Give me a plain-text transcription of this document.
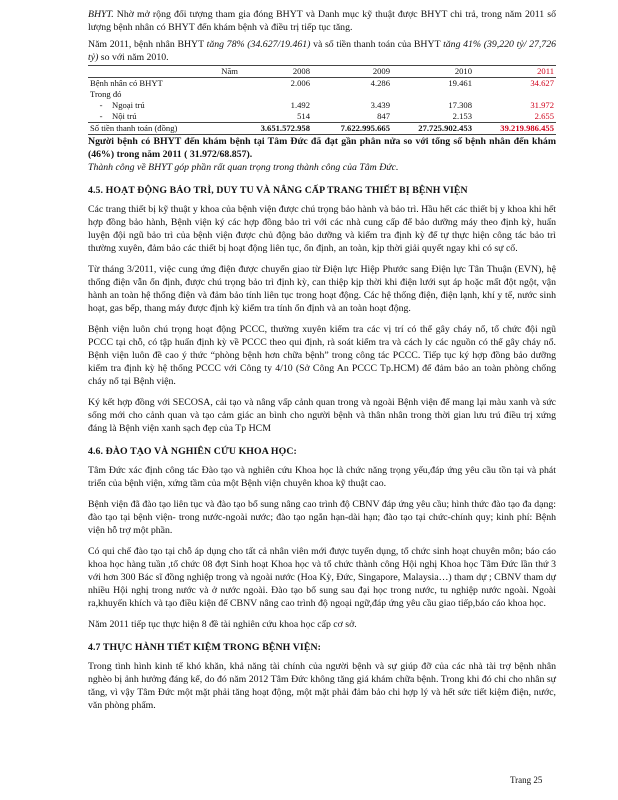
BHYT. Nhờ mở rộng đối tượng tham gia đóng BHYT và Danh mục kỹ thuật được BHYT chi trả, trong năm 2011 số lượng bệnh nhân có BHYT đến khám bệnh và điều trị tiếp tục tăng.

Năm 2011, bệnh nhân BHYT tăng 78% (34.627/19.461) và số tiền thanh toán của BHYT tăng 41% (39,220 tỷ/ 27,726 tỷ) so với năm 2010.

Năm	2008	2009	2010	2011
Bệnh nhân có BHYT	2.006	4.286	19.461	34.627
Trong đó				
- Ngoại trú	1.492	3.439	17.308	31.972
- Nội trú	514	847	2.153	2.655
Số tiền thanh toán (đồng)	3.651.572.958	7.622.995.665	27.725.902.453	39.219.986.455

Người bệnh có BHYT đến khám bệnh tại Tâm Đức đã đạt gần phân nửa so với tổng số bệnh nhân đến khám (46%) trong năm 2011 ( 31.972/68.857).

Thành công về BHYT góp phần rất quan trọng trong thành công của Tâm Đức.

4.5. HOẠT ĐỘNG BẢO TRÌ, DUY TU VÀ NÂNG CẤP TRANG THIẾT BỊ BỆNH VIỆN

Các trang thiết bị kỹ thuật y khoa của bệnh viện được chú trọng bảo hành và bảo trì. Hầu hết các thiết bị y khoa khi hết hợp đồng bảo hành, Bệnh viện ký các hợp đồng bảo trì với các nhà cung cấp để bảo dưỡng máy theo định kỳ, huấn luyện đội ngũ bảo trì của bệnh viện được chủ động bảo dưỡng và kiểm tra định kỳ để tự thực hiện công tác bảo trì thường xuyên, đảm bảo các thiết bị hoạt động liên tục, ổn định, an toàn, kịp thời giải quyết ngay khi có sự cố.

Từ tháng 3/2011, việc cung ứng điện được chuyển giao từ Điện lực Hiệp Phước sang Điện lực Tân Thuận (EVN), hệ thống điện vẫn ổn định, được chú trọng bảo trì định kỳ, can thiệp kịp thời khi điện lưới sụt áp hoặc mất đột ngột, vận hành an toàn hệ thống điện và đảm bảo tính liên tục trong hoạt động. Các hệ thống điện, điện lạnh, khí y tế, nước sinh hoạt, gas bếp, thang máy được định kỳ kiểm tra tính ổn định và an toàn hoạt động.

Bệnh viện luôn chú trọng hoạt động PCCC, thường xuyên kiểm tra các vị trí có thể gây cháy nổ, tổ chức đội ngũ PCCC tại chỗ, có tập huấn định kỳ về PCCC theo qui định, rà soát kiểm tra và cách ly các nguồn có thể gây cháy nổ. Bệnh viện luôn đề cao ý thức “phòng bệnh hơn chữa bệnh” trong công tác PCCC. Tiếp tục ký hợp đồng bảo dưỡng kiểm tra định kỳ hệ thống PCCC với Công ty 4/10 (Sở Công An PCCC Tp.HCM) để đảm bảo an toàn phòng chống cháy nổ tại Bệnh viện.

Ký kết hợp đồng với SECOSA, cải tạo và nâng vấp cảnh quan trong và ngoài Bệnh viện để mang lại màu xanh và sức sống mới cho cảnh quan và tạo cảm giác an bình cho người bệnh và thân nhân trong thời gian lưu trú điều trị xứng đáng là Bệnh viện xanh sạch đẹp của Tp HCM

4.6. ĐÀO TẠO VÀ NGHIÊN CỨU KHOA HỌC:

Tâm Đức xác định công tác Đào tạo và nghiên cứu Khoa học là chức năng trọng yếu,đáp ứng yêu cầu tồn tại và phát triển của bệnh viện, xứng tầm của một Bệnh viện chuyên khoa kỹ thuật cao.

Bệnh viện đã đào tạo liên tục và đào tạo bổ sung nâng cao trình độ CBNV đáp ứng yêu cầu; hình thức đào tạo đa dạng: đào tạo tại bệnh viện- trong nước-ngoài nước; đào tạo ngắn hạn-dài hạn; đào tạo tại chức-chính quy; kinh phí: Bệnh viện hỗ trợ một phần.

Có qui chế đào tạo tại chỗ áp dụng cho tất cả nhân viên mới được tuyển dụng, tổ chức sinh hoạt chuyên môn; báo cáo khoa học hàng tuần ,tổ chức 08 đợt Sinh hoạt Khoa học và tổ chức thành công Hội nghị Khoa học Tâm Đức lần thứ 3 với hơn 300 Bác sĩ đồng nghiệp trong và ngoài nước (Hoa Kỳ, Đức, Singapore, Malaysia…) tham dự ; CBNV tham dự nhiều Hội nghị trong nước và ở nước ngoài. Đào tạo bổ sung sau đại học trong nước, tu nghiệp nước ngoài. Ngoài ra,khuyến khích và tạo điều kiện để CBNV nâng cao trình độ ngoại ngữ,đáp ứng yêu cầu giao tiếp,báo cáo khoa học.

Năm 2011 tiếp tục thực hiện 8 đề tài nghiên cứu khoa học cấp cơ sở.

4.7 THỰC HÀNH TIẾT KIỆM TRONG BỆNH VIỆN:

Trong tình hình kinh tế khó khăn, khả năng tài chính của người bệnh và sự giúp đỡ của các nhà tài trợ bệnh nhân nghèo bị ảnh hưởng đáng kể, do đó năm 2012 Tâm Đức không tăng giá khám chữa bệnh. Trong khi đó chi cho nhân sự tăng, vì vậy Tâm Đức một mặt phải tăng hoạt động, một mặt phải đảm bảo chi hợp lý và hết sức tiết kiệm điện, nước, văn phòng phẩm.

Trang 25
